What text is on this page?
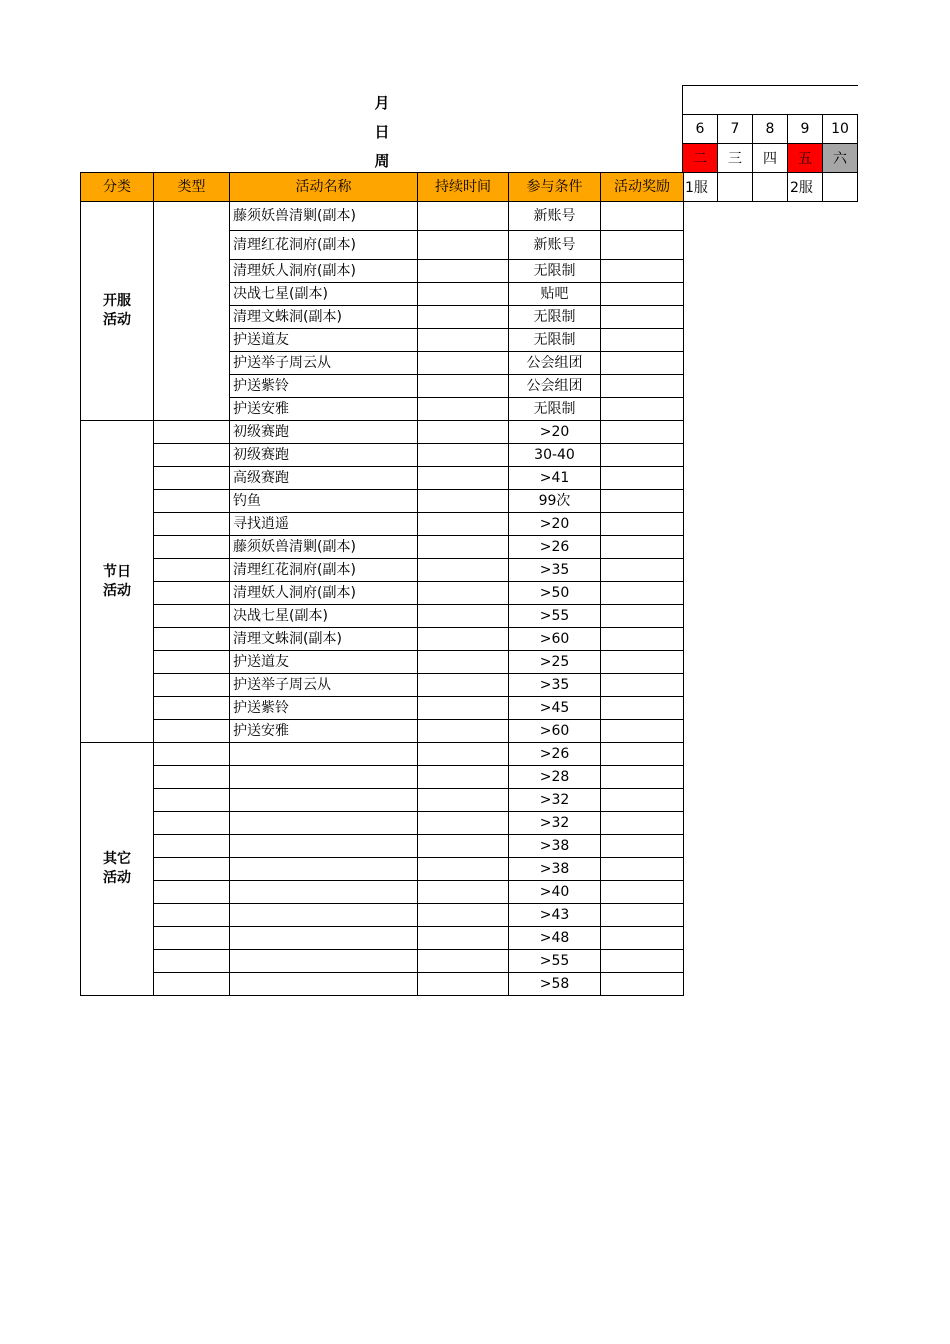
月
日
周
6	7	8	9	10
二	三	四	五	六
1服			2服	
分类	类型	活动名称	持续时间	参与条件	活动奖励
开服
活动		藤须妖兽清剿(副本)		新账号	
		清理红花洞府(副本)		新账号	
		清理妖人洞府(副本)		无限制	
		决战七星(副本)		贴吧	
		清理文蛛洞(副本)		无限制	
		护送道友		无限制	
		护送举子周云从		公会组团	
		护送紫铃		公会组团	
		护送安雅		无限制	
节日
活动		初级赛跑		>20	
		初级赛跑		30-40	
		高级赛跑		>41	
		钓鱼		99次	
		寻找逍遥		>20	
		藤须妖兽清剿(副本)		>26	
		清理红花洞府(副本)		>35	
		清理妖人洞府(副本)		>50	
		决战七星(副本)		>55	
		清理文蛛洞(副本)		>60	
		护送道友		>25	
		护送举子周云从		>35	
		护送紫铃		>45	
		护送安雅		>60	
其它
活动				>26	
				>28	
				>32	
				>32	
				>38	
				>38	
				>40	
				>43	
				>48	
				>55	
				>58	
